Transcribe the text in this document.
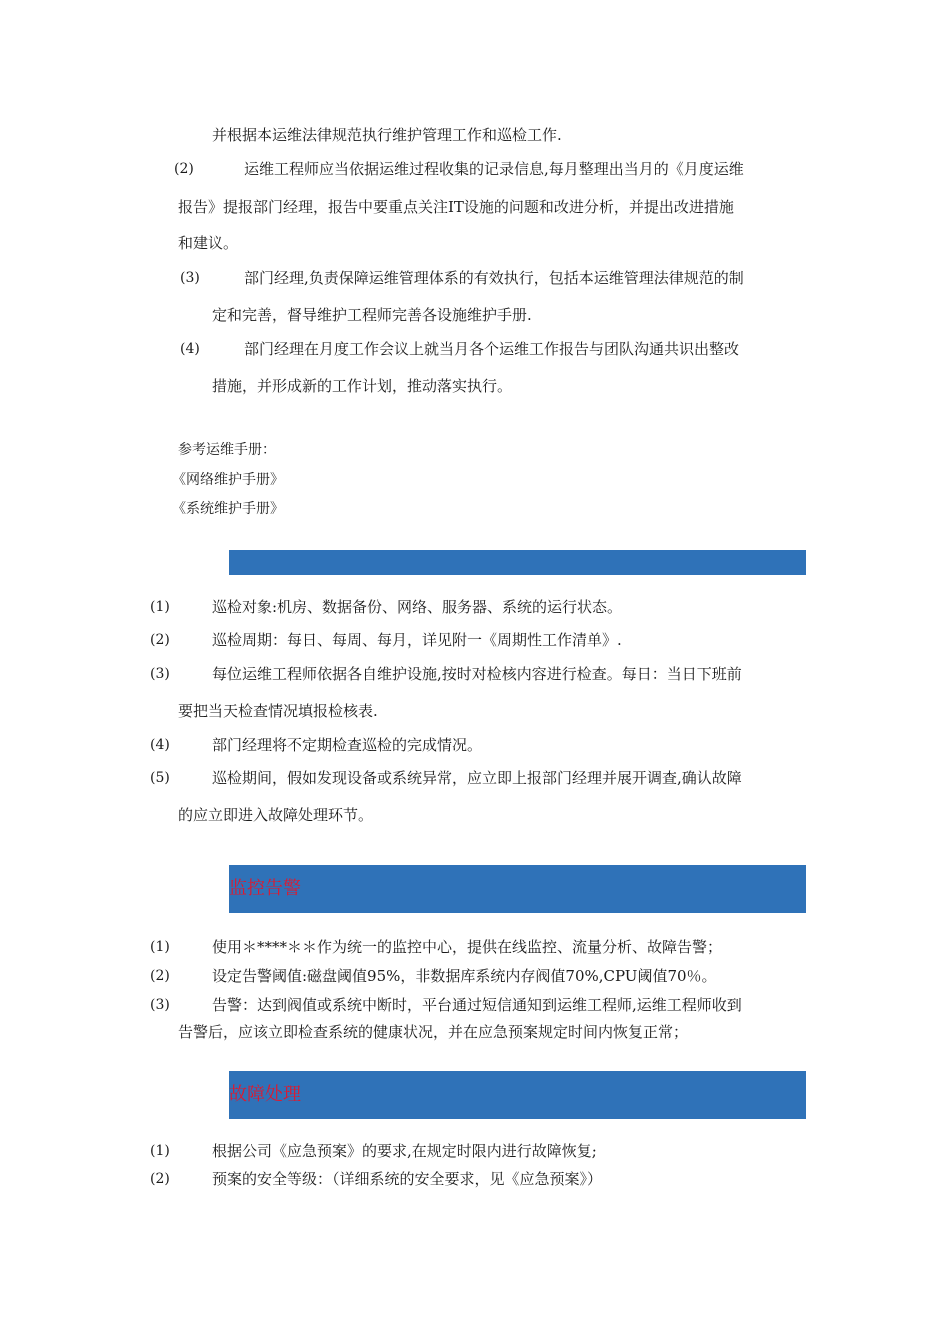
并根据本运维法律规范执行维护管理工作和巡检工作.
(2)	运维工程师应当依据运维过程收集的记录信息,每月整理出当月的《月度运维
报告》提报部门经理，报告中要重点关注IT设施的问题和改进分析，并提出改进措施
和建议。
(3)	部门经理,负责保障运维管理体系的有效执行，包括本运维管理法律规范的制
定和完善，督导维护工程师完善各设施维护手册.
(4)	部门经理在月度工作会议上就当月各个运维工作报告与团队沟通共识出整改
措施，并形成新的工作计划，推动落实执行。
参考运维手册：
《网络维护手册》
《系统维护手册》
(1)	巡检对象:机房、数据备份、网络、服务器、系统的运行状态。
(2)	巡检周期：每日、每周、每月，详见附一《周期性工作清单》.
(3)	每位运维工程师依据各自维护设施,按时对检核内容进行检查。每日：当日下班前
要把当天检查情况填报检核表.
(4)	部门经理将不定期检查巡检的完成情况。
(5)	巡检期间，假如发现设备或系统异常，应立即上报部门经理并展开调查,确认故障
的应立即进入故障处理环节。
监控告警
(1)	使用＊****＊＊作为统一的监控中心，提供在线监控、流量分析、故障告警；
(2)	设定告警阈值:磁盘阈值95%，非数据库系统内存阀值70%,CPU阈值70％。
(3)	告警：达到阀值或系统中断时，平台通过短信通知到运维工程师,运维工程师收到
告警后，应该立即检查系统的健康状况，并在应急预案规定时间内恢复正常；
故障处理
(1)	根据公司《应急预案》的要求,在规定时限内进行故障恢复;
(2)	预案的安全等级：（详细系统的安全要求，见《应急预案》）
